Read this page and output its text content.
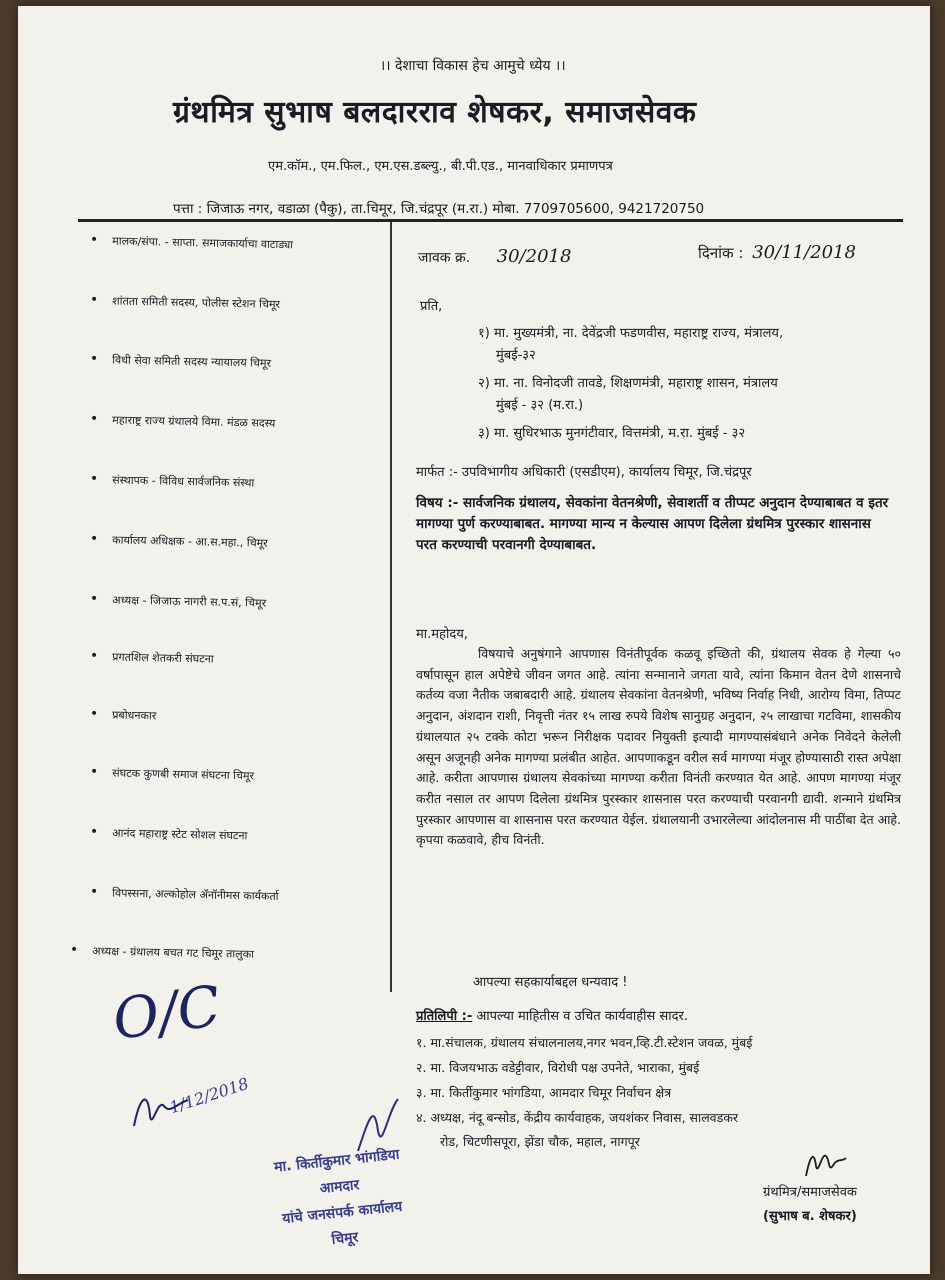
।। देशाचा विकास हेच आमुचे ध्येय ।।
ग्रंथमित्र सुभाष बलदारराव शेषकर, समाजसेवक
एम.कॉम., एम.फिल., एम.एस.डब्ल्यु., बी.पी.एड., मानवाधिकार प्रमाणपत्र
पत्ता : जिजाऊ नगर, वडाळा (पैकु), ता.चिमूर, जि.चंद्रपूर (म.रा.) मोबा. 7709705600, 9421720750
• मालक/संपा. - साप्ता. समाजकार्याचा वाटाड्या
• शांतता समिती सदस्य, पोलीस स्टेशन चिमूर
• विधी सेवा समिती सदस्य न्यायालय चिमूर
• महाराष्ट्र राज्य ग्रंथालये विमा. मंडळ सदस्य
• संस्थापक - विविध सार्वजनिक संस्था
• कार्यालय अधिक्षक - आ.स.महा., चिमूर
• अध्यक्ष - जिजाऊ नागरी स.प.सं, चिमूर
• प्रगतशिल शेतकरी संघटना
• प्रबोधनकार
• संघटक कुणबी समाज संघटना चिमूर
• आनंद महाराष्ट्र स्टेट सोशल संघटना
• विपस्सना, अल्कोहोल ॲनॉनीमस कार्यकर्ता
• अध्यक्ष - ग्रंथालय बचत गट चिमूर तालुका
जावक क्र. 30/2018	दिनांक : 30/11/2018
प्रति,
१) मा. मुख्यमंत्री, ना. देवेंद्रजी फडणवीस, महाराष्ट्र राज्य, मंत्रालय,
मुंबई-३२
२) मा. ना. विनोदजी तावडे, शिक्षणमंत्री, महाराष्ट्र शासन, मंत्रालय
मुंबई - ३२ (म.रा.)
३) मा. सुधिरभाऊ मुनगंटीवार, वित्तमंत्री, म.रा. मुंबई - ३२
मार्फत :- उपविभागीय अधिकारी (एसडीएम), कार्यालय चिमूर, जि.चंद्रपूर
विषय :- सार्वजनिक ग्रंथालय, सेवकांना वेतनश्रेणी, सेवाशर्ती व तीप्पट अनुदान देण्याबाबत व इतर मागण्या पुर्ण करण्याबाबत. मागण्या मान्य न केल्यास आपण दिलेला ग्रंथमित्र पुरस्कार शासनास परत करण्याची परवानगी देण्याबाबत.
मा.महोदय,
विषयाचे अनुषंगाने आपणास विनंतीपूर्वक कळवू इच्छितो की, ग्रंथालय सेवक हे गेल्या ५० वर्षापासून हाल अपेष्टेचे जीवन जगत आहे. त्यांना सन्मानाने जगता यावे, त्यांना किमान वेतन देणे शासनाचे कर्तव्य वजा नैतीक जबाबदारी आहे. ग्रंथालय सेवकांना वेतनश्रेणी, भविष्य निर्वाह निधी, आरोग्य विमा, तिप्पट अनुदान, अंशदान राशी, निवृत्ती नंतर १५ लाख रुपये विशेष सानुग्रह अनुदान, २५ लाखाचा गटविमा, शासकीय ग्रंथालयात २५ टक्के कोटा भरून निरीक्षक पदावर नियुक्ती इत्यादी मागण्यासंबंधाने अनेक निवेदने केलेली असून अजूनही अनेक मागण्या प्रलंबीत आहेत. आपणाकडून वरील सर्व मागण्या मंजूर होण्यासाठी रास्त अपेक्षा आहे. करीता आपणास ग्रंथालय सेवकांच्या मागण्या करीता विनंती करण्यात येत आहे. आपण मागण्या मंजूर करीत नसाल तर आपण दिलेला ग्रंथमित्र पुरस्कार शासनास परत करण्याची परवानगी द्यावी. शन्माने ग्रंथमित्र पुरस्कार आपणास वा शासनास परत करण्यात येईल. ग्रंथालयानी उभारलेल्या आंदोलनास मी पाठींबा देत आहे. कृपया कळवावे, हीच विनंती.
आपल्या सहकार्याबद्दल धन्यवाद !
प्रतिलिपी :- आपल्या माहितीस व उचित कार्यवाहीस सादर.
१. मा.संचालक, ग्रंथालय संचालनालय,नगर भवन,व्हि.टी.स्टेशन जवळ, मुंबई
२. मा. विजयभाऊ वडेट्टीवार, विरोधी पक्ष उपनेते, भाराका, मुंबई
३. मा. किर्तीकुमार भांगडिया, आमदार चिमूर निर्वाचन क्षेत्र
४. अध्यक्ष, नंदू बन्सोड, केंद्रीय कार्यवाहक, जयशंकर निवास, सालवडकर
रोड, चिटणीसपूरा, झेंडा चौक, महाल, नागपूर
ग्रंथमित्र/समाजसेवक
(सुभाष ब. शेषकर)
O/C
1/12/2018
मा. किर्तीकुमार भांगडिया
आमदार
यांचे जनसंपर्क कार्यालय
चिमूर
